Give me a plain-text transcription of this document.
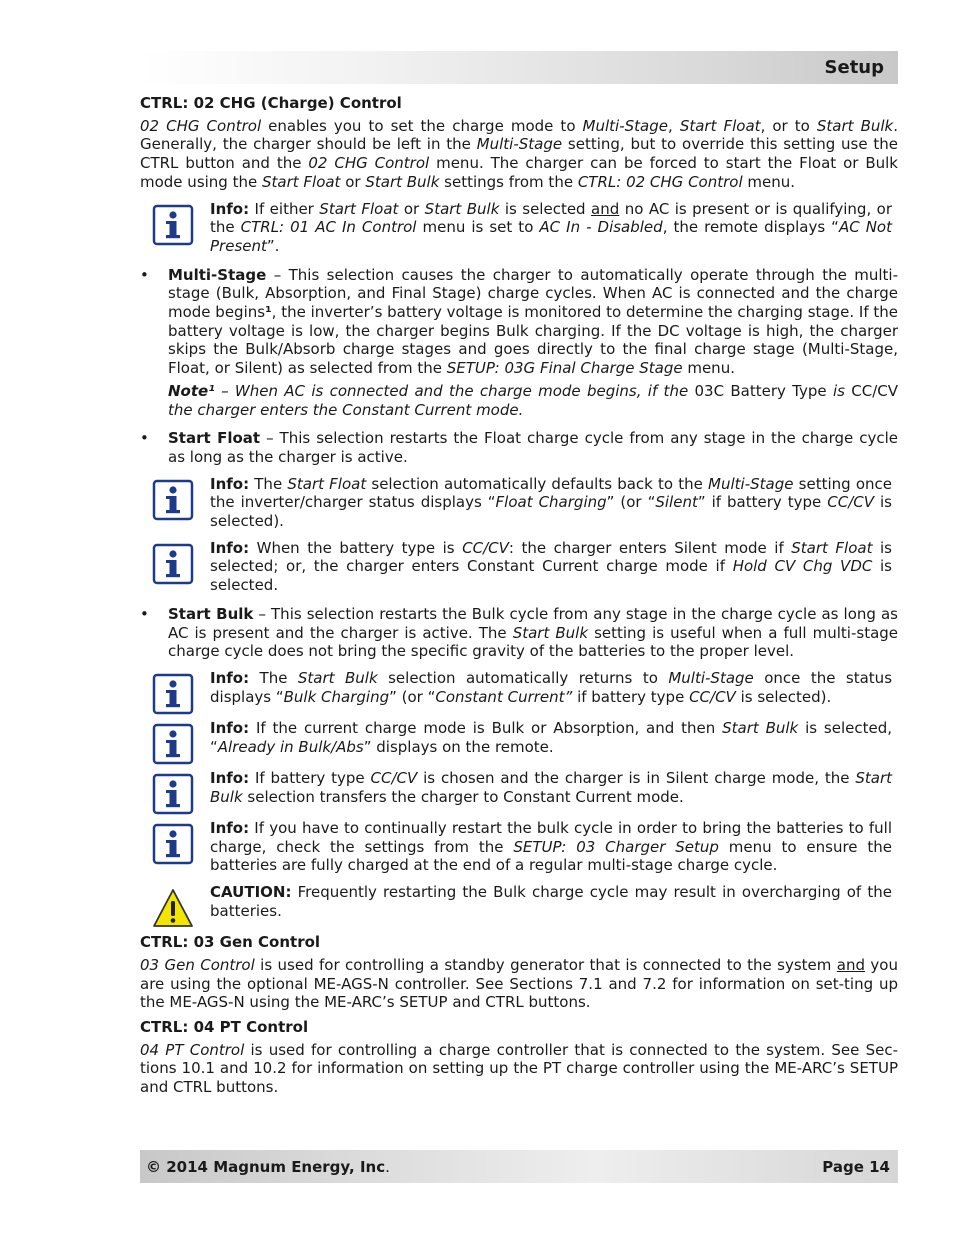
Setup
CTRL: 02 CHG (Charge) Control
02 CHG Control enables you to set the charge mode to Multi-Stage, Start Float, or to Start Bulk. Generally, the charger should be left in the Multi-Stage setting, but to override this setting use the CTRL button and the 02 CHG Control menu. The charger can be forced to start the Float or Bulk mode using the Start Float or Start Bulk settings from the CTRL: 02 CHG Control menu.
Info: If either Start Float or Start Bulk is selected and no AC is present or is qualifying, or the CTRL: 01 AC In Control menu is set to AC In - Disabled, the remote displays “AC Not Present”.
• Multi-Stage – This selection causes the charger to automatically operate through the multi-stage (Bulk, Absorption, and Final Stage) charge cycles. When AC is connected and the charge mode begins¹, the inverter’s battery voltage is monitored to determine the charging stage. If the battery voltage is low, the charger begins Bulk charging. If the DC voltage is high, the charger skips the Bulk/Absorb charge stages and goes directly to the final charge stage (Multi-Stage, Float, or Silent) as selected from the SETUP: 03G Final Charge Stage menu.
Note¹ – When AC is connected and the charge mode begins, if the 03C Battery Type is CC/CV the charger enters the Constant Current mode.
• Start Float – This selection restarts the Float charge cycle from any stage in the charge cycle as long as the charger is active.
Info: The Start Float selection automatically defaults back to the Multi-Stage setting once the inverter/charger status displays “Float Charging” (or “Silent” if battery type CC/CV is selected).
Info: When the battery type is CC/CV: the charger enters Silent mode if Start Float is selected; or, the charger enters Constant Current charge mode if Hold CV Chg VDC is selected.
• Start Bulk – This selection restarts the Bulk cycle from any stage in the charge cycle as long as AC is present and the charger is active. The Start Bulk setting is useful when a full multi-stage charge cycle does not bring the specific gravity of the batteries to the proper level.
Info: The Start Bulk selection automatically returns to Multi-Stage once the status displays “Bulk Charging” (or “Constant Current” if battery type CC/CV is selected).
Info: If the current charge mode is Bulk or Absorption, and then Start Bulk is selected, “Already in Bulk/Abs” displays on the remote.
Info: If battery type CC/CV is chosen and the charger is in Silent charge mode, the Start Bulk selection transfers the charger to Constant Current mode.
Info: If you have to continually restart the bulk cycle in order to bring the batteries to full charge, check the settings from the SETUP: 03 Charger Setup menu to ensure the batteries are fully charged at the end of a regular multi-stage charge cycle.
CAUTION: Frequently restarting the Bulk charge cycle may result in overcharging of the batteries.
CTRL: 03 Gen Control
03 Gen Control is used for controlling a standby generator that is connected to the system and you are using the optional ME-AGS-N controller. See Sections 7.1 and 7.2 for information on set-ting up the ME-AGS-N using the ME-ARC’s SETUP and CTRL buttons.
CTRL: 04 PT Control
04 PT Control is used for controlling a charge controller that is connected to the system. See Sec-tions 10.1 and 10.2 for information on setting up the PT charge controller using the ME-ARC’s SETUP and CTRL buttons.
© 2014 Magnum Energy, Inc.	Page 14
